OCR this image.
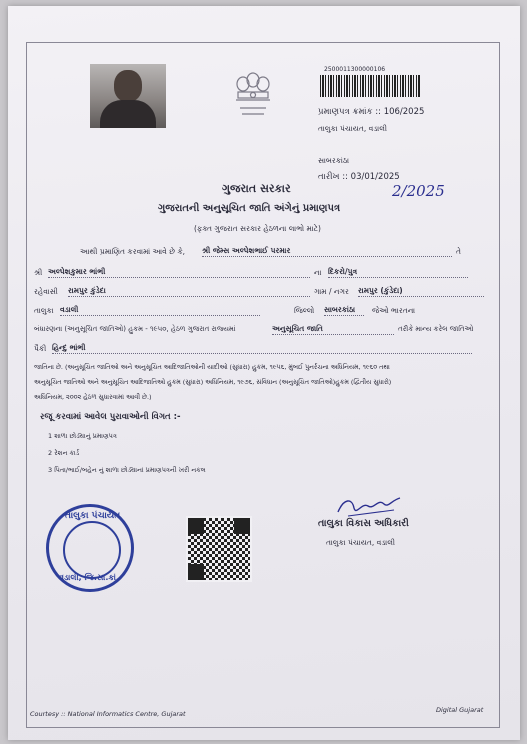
2500011300000106
પ્રમાણપત્ર ક્રમાંક :: 106/2025
તાલુકા પંચાયત, વડાલી
સાબરકાંઠા
તારીખ :: 03/01/2025
2/2025
ગુજરાત સરકાર
ગુજરાતની અનુસૂચિત જાતિ અંગેનું પ્રમાણપત્ર
(ફક્ત ગુજરાત સરકાર હેઠળના લાભો માટે)
આથી પ્રમાણિત કરવામાં આવે છે કે, શ્રી જેમ્સ અલ્પેશભાઈ પરમાર	તે
શ્રી અલ્પેશકુમાર ભાંભી	ના દિકરો/પુત્ર
રહેવાસી રામપુર કુંડેદા	ગામ / નગર રામપુર (કુંડેદા)
તાલુકા વડાલી	જિલ્લો સાબરકાંઠા	જેઓ ભારતના
બંધારણના (અનુસૂચિત જાતિઓ) હુકમ - ૧૯૫૦, હેઠળ ગુજરાત રાજ્યમાં	અનુસૂચિત જાતિ	તરીકે માન્ય કરેલ જાતિઓ
પૈકી હિન્દુ ભાંભી
જાતિના છે. (અનુસૂચિત જાતિઓ અને અનુસૂચિત આદિજાતિઓની યાદીઓ (સુધારા) હુકમ, ૧૯૫૬, મુંબઈ પુનર્રચના અધિનિયમ, ૧૯૬૦ તથા
અનુસૂચિત જાતિઓ અને અનુસૂચિત આદિજાતિઓ હુકમ (સુધારા) અધિનિયમ, ૧૯૭૬, સંવિધાન (અનુસૂચિત જાતિઓ)હુકમ (દ્વિતીય સુધારો)
અધિનિયમ, ૨૦૦૨ હેઠળ સુધારવામાં આવી છે.)
રજૂ કરવામાં આવેલ પુરાવાઓની વિગત :-
1 શાળા છોડ્યાનું પ્રમાણપત્ર
2 રેશન કાર્ડ
3 પિતા/ભાઈ/બહેન નું શાળા છોડ્યાનાં પ્રમાણપત્રની ખરી નકલ
તાલુકા પંચાયત
વડાલી, જિ.સા.કાં.
તાલુકા વિકાસ અધિકારી
તાલુકા પંચાયત, વડાલી
Courtesy :: National Informatics Centre, Gujarat	Digital Gujarat
